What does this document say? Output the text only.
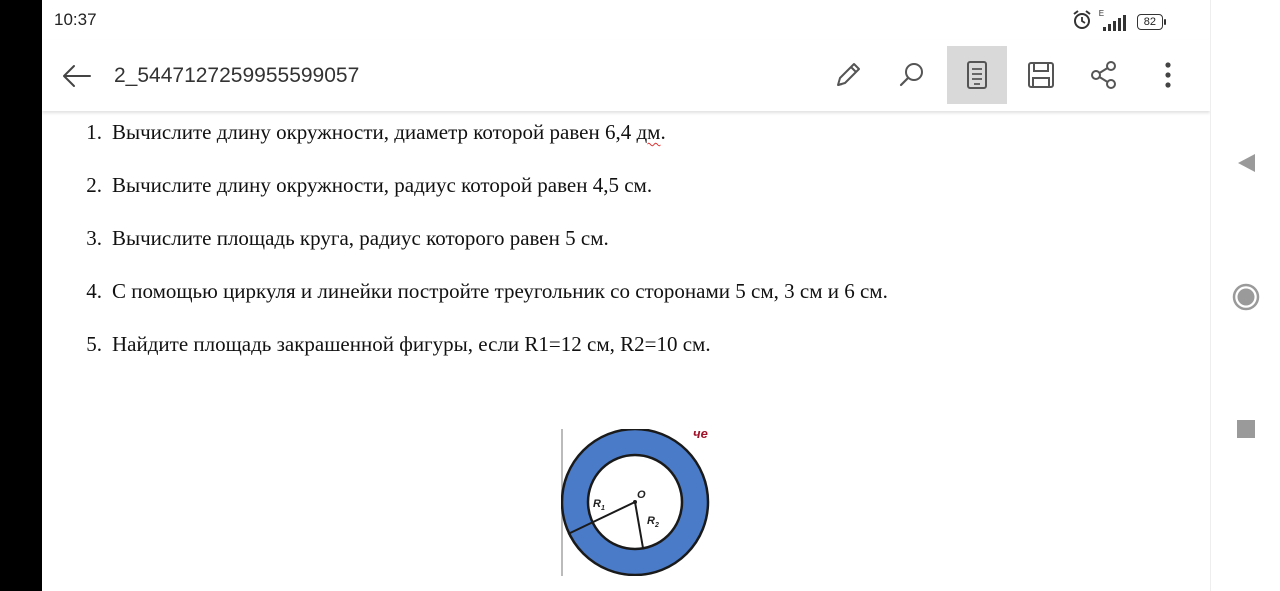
10:37	E
82
2_5447127259955599057
1. Вычислите длину окружности, диаметр которой равен 6,4 дм.
2. Вычислите длину окружности, радиус которой равен 4,5 см.
3. Вычислите площадь круга, радиус которого равен 5 см.
4. С помощью циркуля и линейки постройте треугольник со сторонами 5 см, 3 см и 6 см.
5. Найдите площадь закрашенной фигуры, если R1=12 см, R2=10 см.
че
O
$R_1$
$R_2$
